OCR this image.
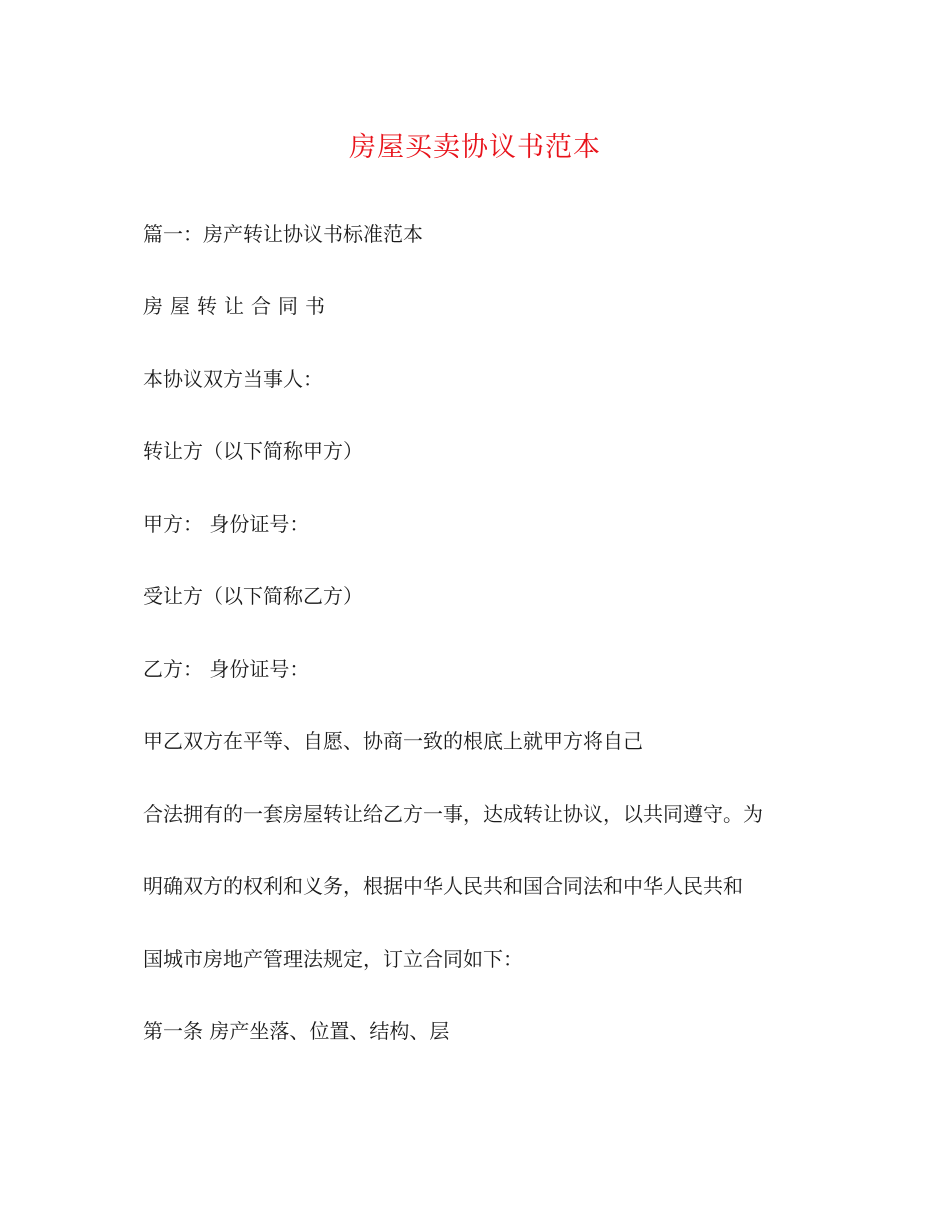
房屋买卖协议书范本

篇一：房产转让协议书标准范本

房屋转让合同书

本协议双方当事人：

转让方（以下简称甲方）

甲方： 身份证号：

受让方（以下简称乙方）

乙方： 身份证号：

甲乙双方在平等、自愿、协商一致的根底上就甲方将自己

合法拥有的一套房屋转让给乙方一事，达成转让协议，以共同遵守。为

明确双方的权利和义务，根据中华人民共和国合同法和中华人民共和

国城市房地产管理法规定，订立合同如下：

第一条 房产坐落、位置、结构、层
